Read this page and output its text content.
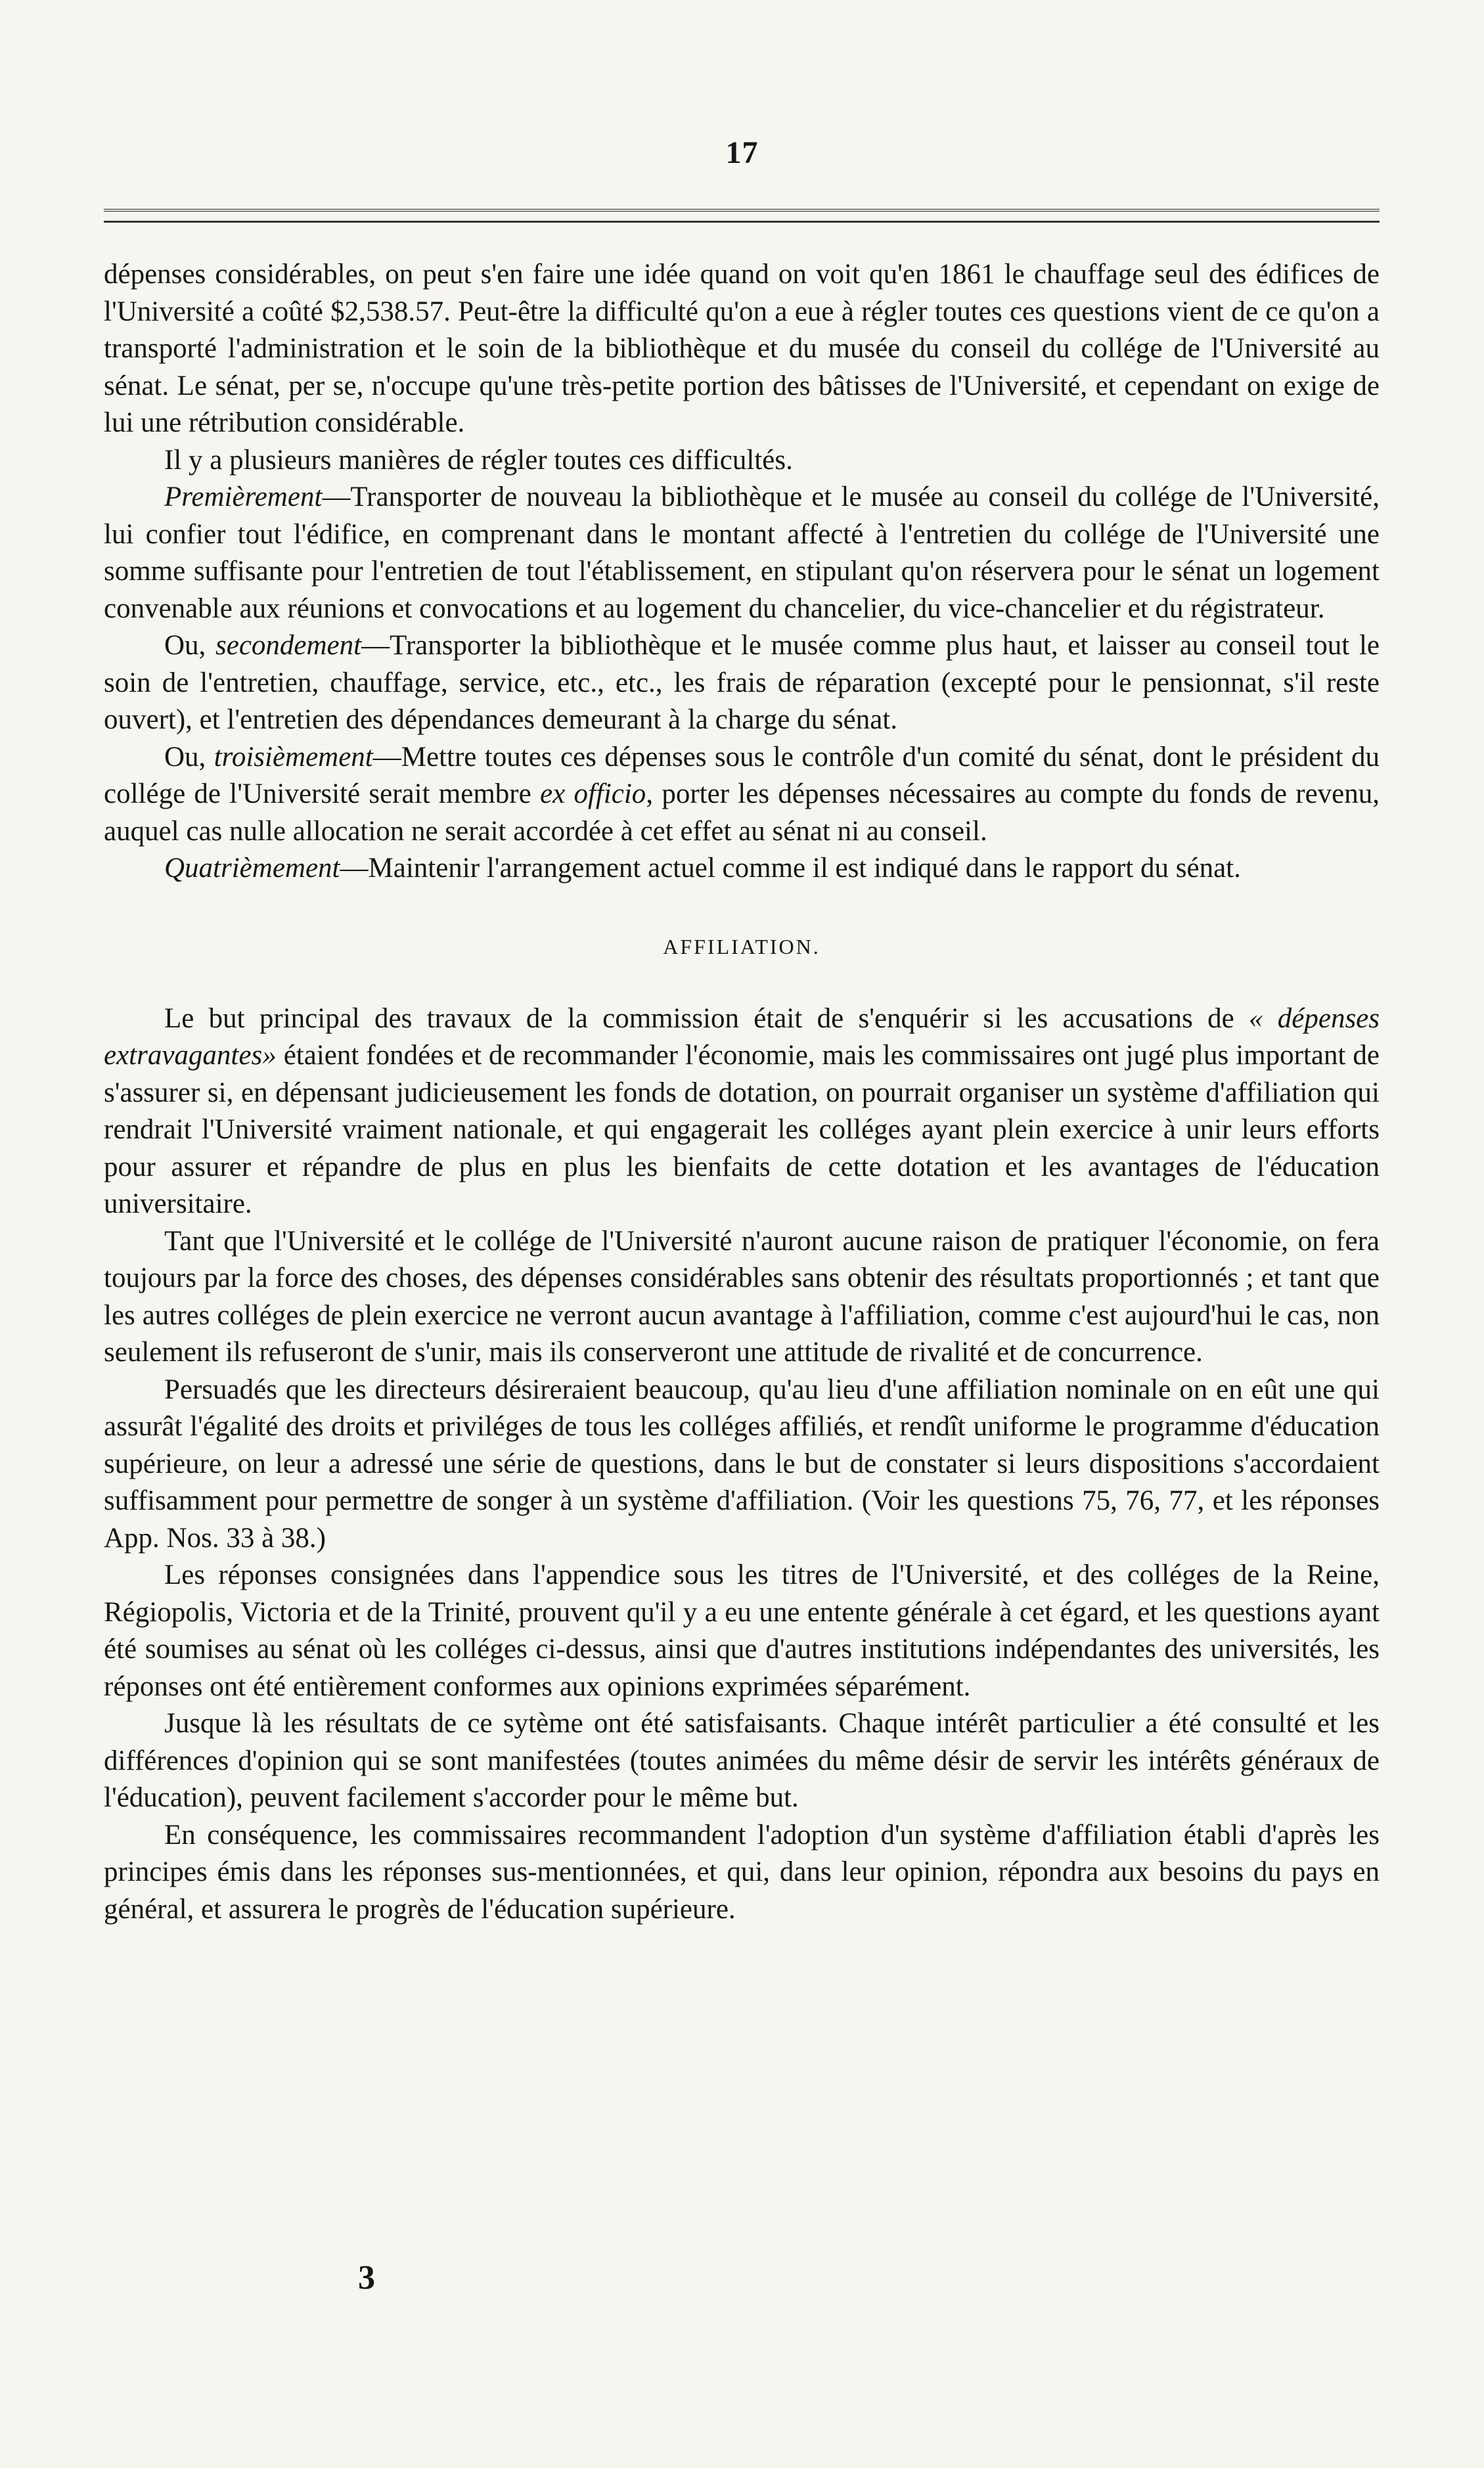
17

dépenses considérables, on peut s'en faire une idée quand on voit qu'en 1861 le chauffage seul des édifices de l'Université a coûté $2,538.57. Peut-être la difficulté qu'on a eue à régler toutes ces questions vient de ce qu'on a transporté l'administration et le soin de la bibliothèque et du musée du conseil du collége de l'Université au sénat. Le sénat, per se, n'occupe qu'une très-petite portion des bâtisses de l'Université, et cependant on exige de lui une rétribution considérable.

Il y a plusieurs manières de régler toutes ces difficultés.

Premièrement—Transporter de nouveau la bibliothèque et le musée au conseil du collége de l'Université, lui confier tout l'édifice, en comprenant dans le montant affecté à l'entretien du collége de l'Université une somme suffisante pour l'entretien de tout l'établissement, en stipulant qu'on réservera pour le sénat un logement convenable aux réunions et convocations et au logement du chancelier, du vice-chancelier et du régistrateur.

Ou, secondement—Transporter la bibliothèque et le musée comme plus haut, et laisser au conseil tout le soin de l'entretien, chauffage, service, etc., etc., les frais de réparation (excepté pour le pensionnat, s'il reste ouvert), et l'entretien des dépendances demeurant à la charge du sénat.

Ou, troisièmement—Mettre toutes ces dépenses sous le contrôle d'un comité du sénat, dont le président du collége de l'Université serait membre ex officio, porter les dépenses nécessaires au compte du fonds de revenu, auquel cas nulle allocation ne serait accordée à cet effet au sénat ni au conseil.

Quatrièmement—Maintenir l'arrangement actuel comme il est indiqué dans le rapport du sénat.

AFFILIATION.

Le but principal des travaux de la commission était de s'enquérir si les accusations de « dépenses extravagantes» étaient fondées et de recommander l'économie, mais les commissaires ont jugé plus important de s'assurer si, en dépensant judicieusement les fonds de dotation, on pourrait organiser un système d'affiliation qui rendrait l'Université vraiment nationale, et qui engagerait les colléges ayant plein exercice à unir leurs efforts pour assurer et répandre de plus en plus les bienfaits de cette dotation et les avantages de l'éducation universitaire.

Tant que l'Université et le collége de l'Université n'auront aucune raison de pratiquer l'économie, on fera toujours par la force des choses, des dépenses considérables sans obtenir des résultats proportionnés ; et tant que les autres colléges de plein exercice ne verront aucun avantage à l'affiliation, comme c'est aujourd'hui le cas, non seulement ils refuseront de s'unir, mais ils conserveront une attitude de rivalité et de concurrence.

Persuadés que les directeurs désireraient beaucoup, qu'au lieu d'une affiliation nominale on en eût une qui assurât l'égalité des droits et priviléges de tous les colléges affiliés, et rendît uniforme le programme d'éducation supérieure, on leur a adressé une série de questions, dans le but de constater si leurs dispositions s'accordaient suffisamment pour permettre de songer à un système d'affiliation. (Voir les questions 75, 76, 77, et les réponses App. Nos. 33 à 38.)

Les réponses consignées dans l'appendice sous les titres de l'Université, et des colléges de la Reine, Régiopolis, Victoria et de la Trinité, prouvent qu'il y a eu une entente générale à cet égard, et les questions ayant été soumises au sénat où les colléges ci-dessus, ainsi que d'autres institutions indépendantes des universités, les réponses ont été entièrement conformes aux opinions exprimées séparément.

Jusque là les résultats de ce sytème ont été satisfaisants. Chaque intérêt particulier a été consulté et les différences d'opinion qui se sont manifestées (toutes animées du même désir de servir les intérêts généraux de l'éducation), peuvent facilement s'accorder pour le même but.

En conséquence, les commissaires recommandent l'adoption d'un système d'affiliation établi d'après les principes émis dans les réponses sus-mentionnées, et qui, dans leur opinion, répondra aux besoins du pays en général, et assurera le progrès de l'éducation supérieure.

3
